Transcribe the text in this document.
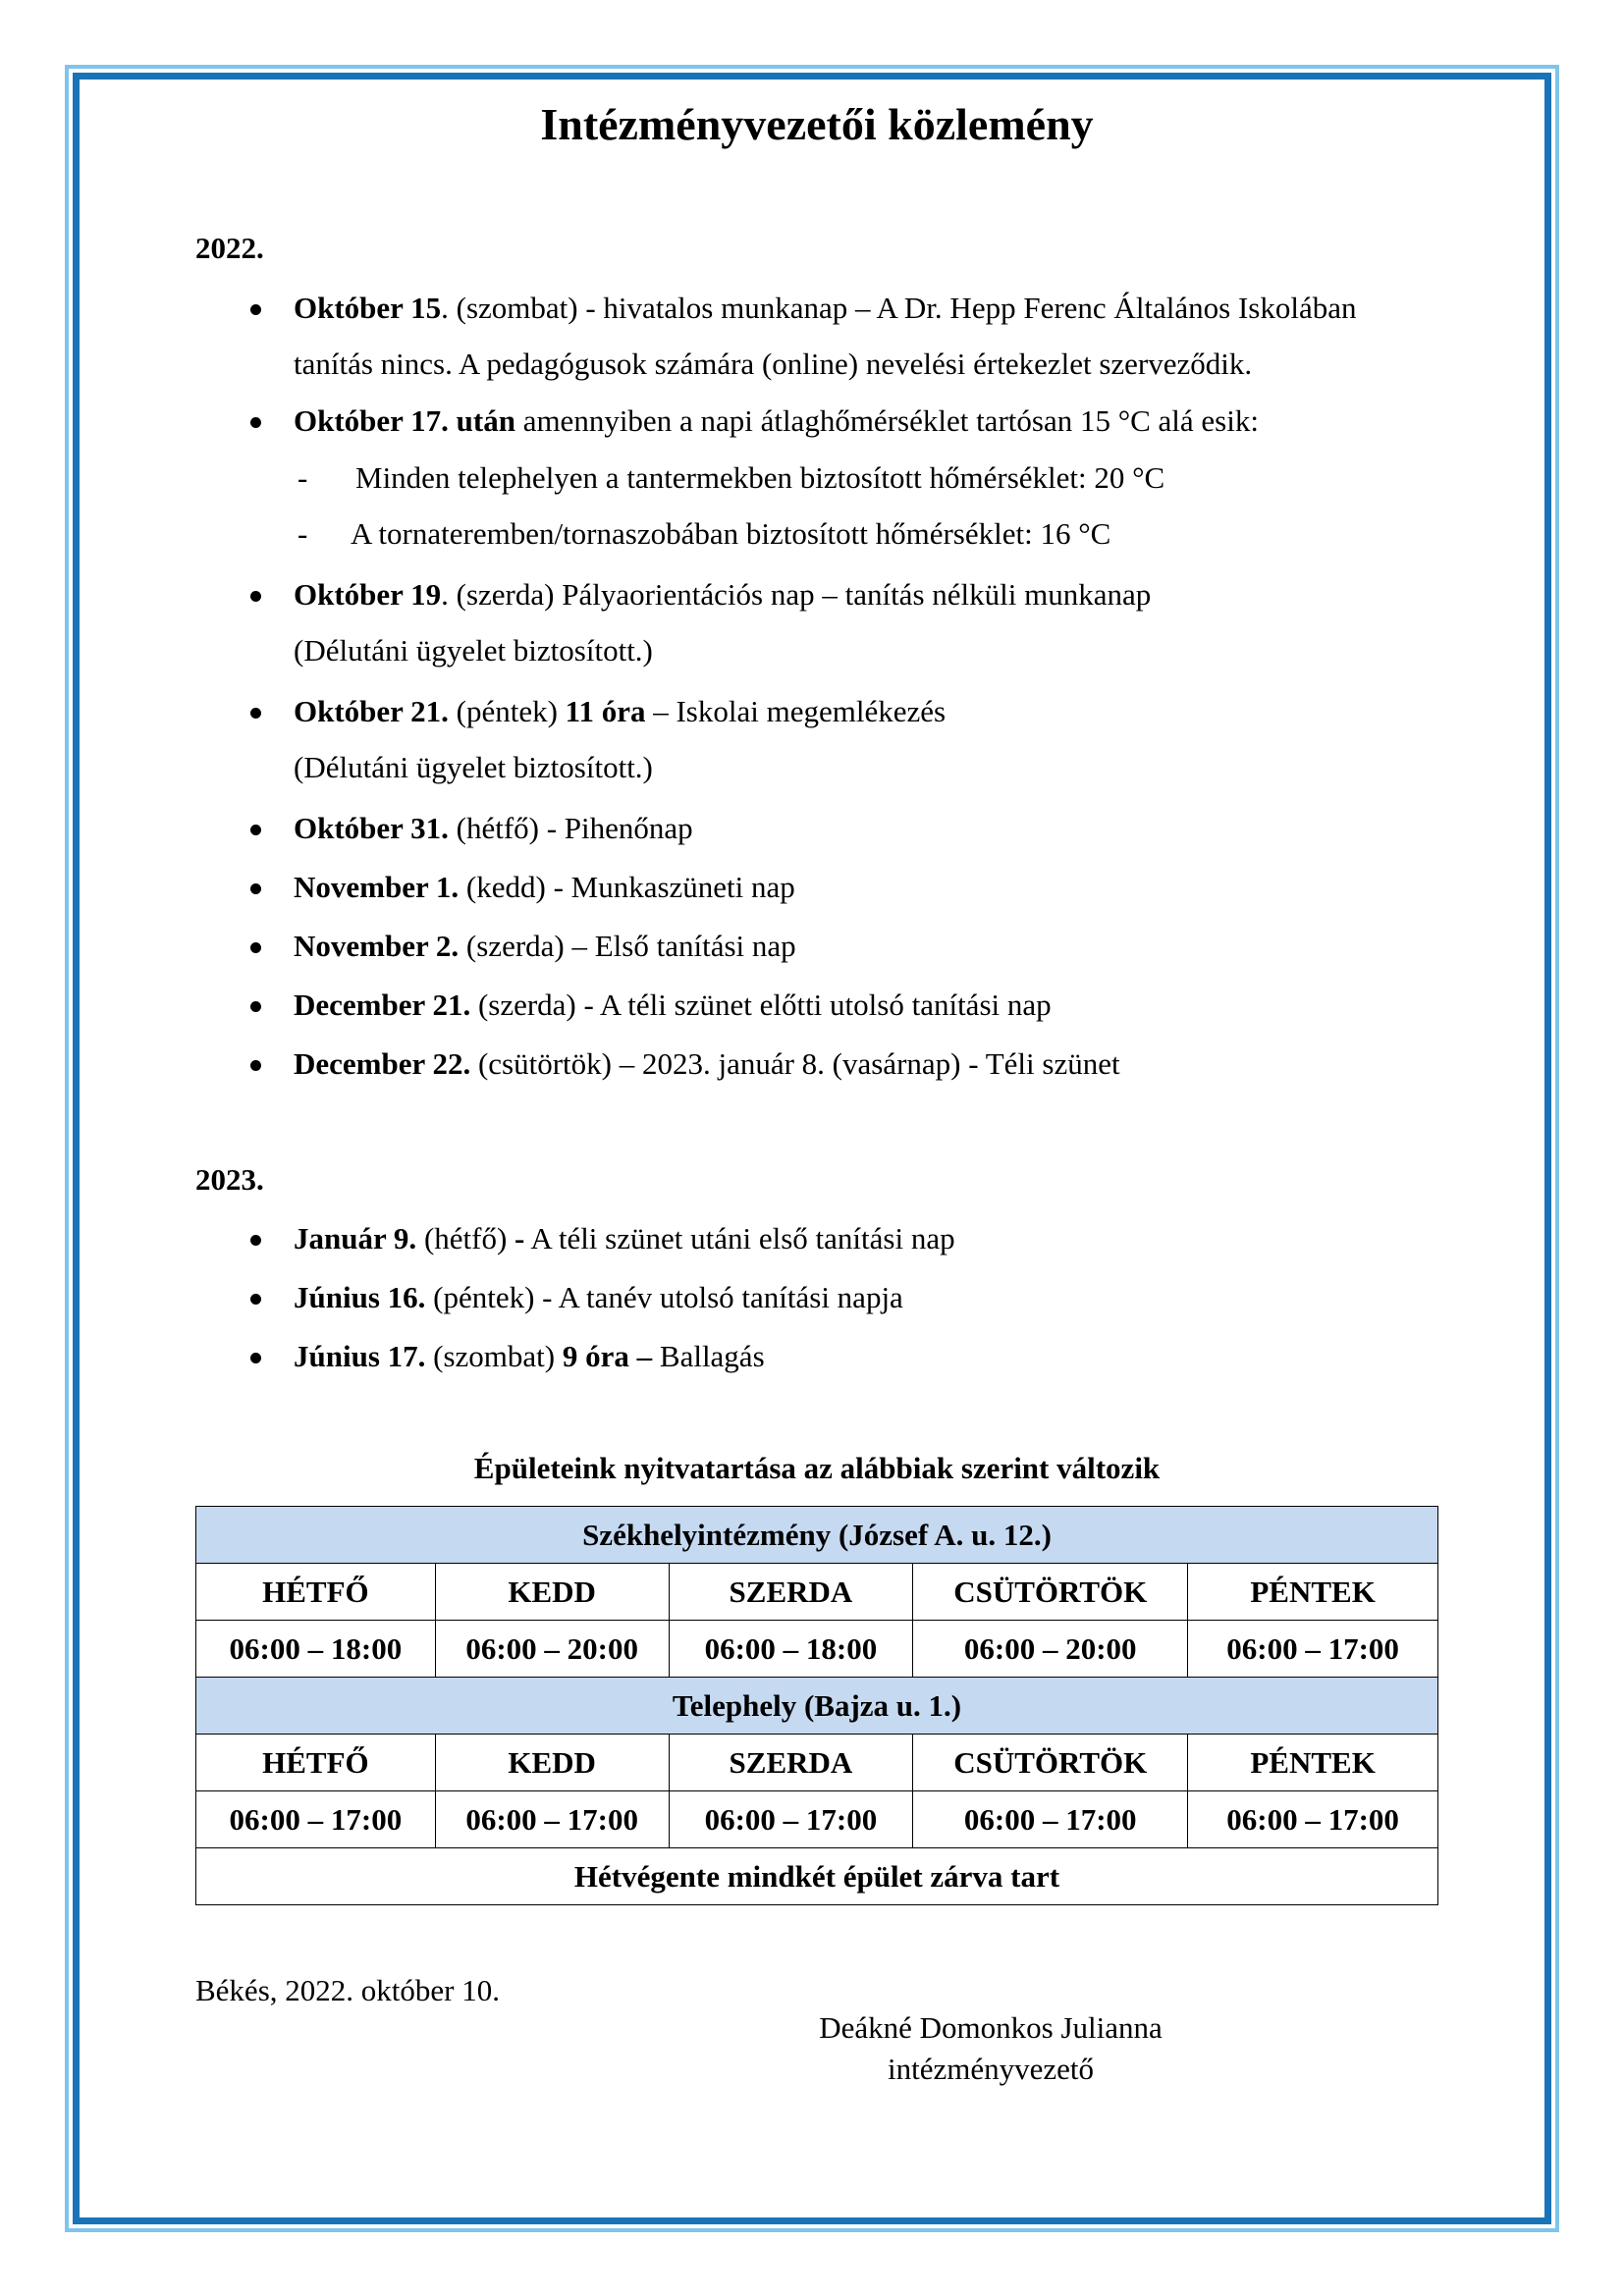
Intézményvezetői közlemény
2022.
Október 15. (szombat) - hivatalos munkanap – A Dr. Hepp Ferenc Általános Iskolában
tanítás nincs. A pedagógusok számára (online) nevelési értekezlet szerveződik.
Október 17. után amennyiben a napi átlaghőmérséklet tartósan 15 °C alá esik:
- Minden telephelyen a tantermekben biztosított hőmérséklet: 20 °C
- A tornateremben/tornaszobában biztosított hőmérséklet: 16 °C
Október 19. (szerda) Pályaorientációs nap – tanítás nélküli munkanap
(Délutáni ügyelet biztosított.)
Október 21. (péntek) 11 óra – Iskolai megemlékezés
(Délutáni ügyelet biztosított.)
Október 31. (hétfő) - Pihenőnap
November 1. (kedd) - Munkaszüneti nap
November 2. (szerda) – Első tanítási nap
December 21. (szerda) - A téli szünet előtti utolsó tanítási nap
December 22. (csütörtök) – 2023. január 8. (vasárnap) - Téli szünet
2023.
Január 9. (hétfő) - A téli szünet utáni első tanítási nap
Június 16. (péntek) - A tanév utolsó tanítási napja
Június 17. (szombat) 9 óra – Ballagás
Épületeink nyitvatartása az alábbiak szerint változik
Székhelyintézmény (József A. u. 12.)				
HÉTFŐ	KEDD	SZERDA	CSÜTÖRTÖK	PÉNTEK
06:00 – 18:00	06:00 – 20:00	06:00 – 18:00	06:00 – 20:00	06:00 – 17:00
Telephely (Bajza u. 1.)				
HÉTFŐ	KEDD	SZERDA	CSÜTÖRTÖK	PÉNTEK
06:00 – 17:00	06:00 – 17:00	06:00 – 17:00	06:00 – 17:00	06:00 – 17:00
Hétvégente mindkét épület zárva tart				
Békés, 2022. október 10.
Deákné Domonkos Julianna
intézményvezető
